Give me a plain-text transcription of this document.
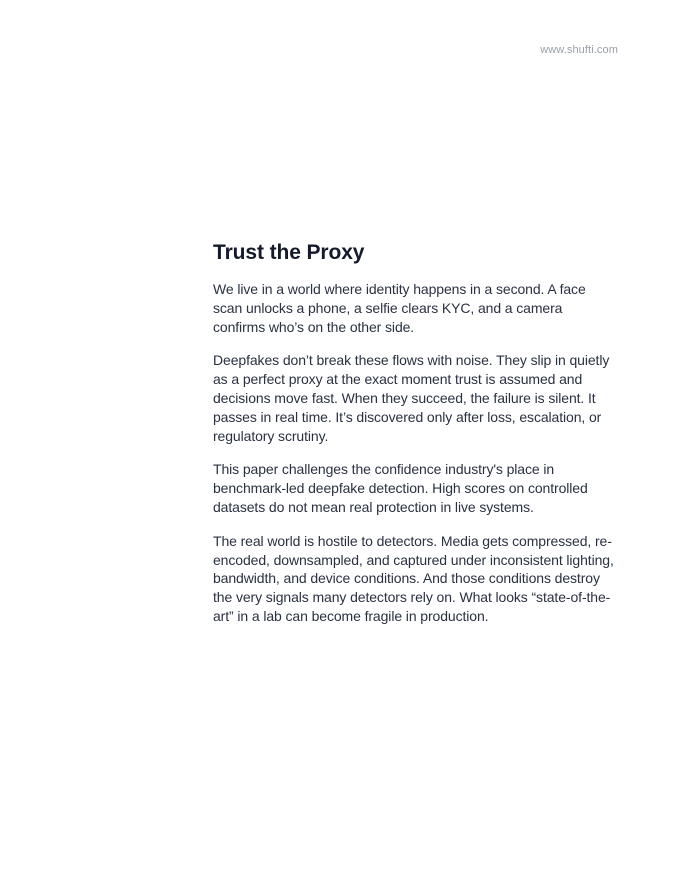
www.shufti.com
Trust the Proxy

We live in a world where identity happens in a second. A face scan unlocks a phone, a selfie clears KYC, and a camera confirms who’s on the other side.

Deepfakes don’t break these flows with noise. They slip in quietly as a perfect proxy at the exact moment trust is assumed and decisions move fast. When they succeed, the failure is silent. It passes in real time. It’s discovered only after loss, escalation, or regulatory scrutiny.

This paper challenges the confidence industry's place in benchmark-led deepfake detection. High scores on controlled datasets do not mean real protection in live systems.

The real world is hostile to detectors. Media gets compressed, re-encoded, downsampled, and captured under inconsistent lighting, bandwidth, and device conditions. And those conditions destroy the very signals many detectors rely on. What looks “state-of-the-art” in a lab can become fragile in production.
